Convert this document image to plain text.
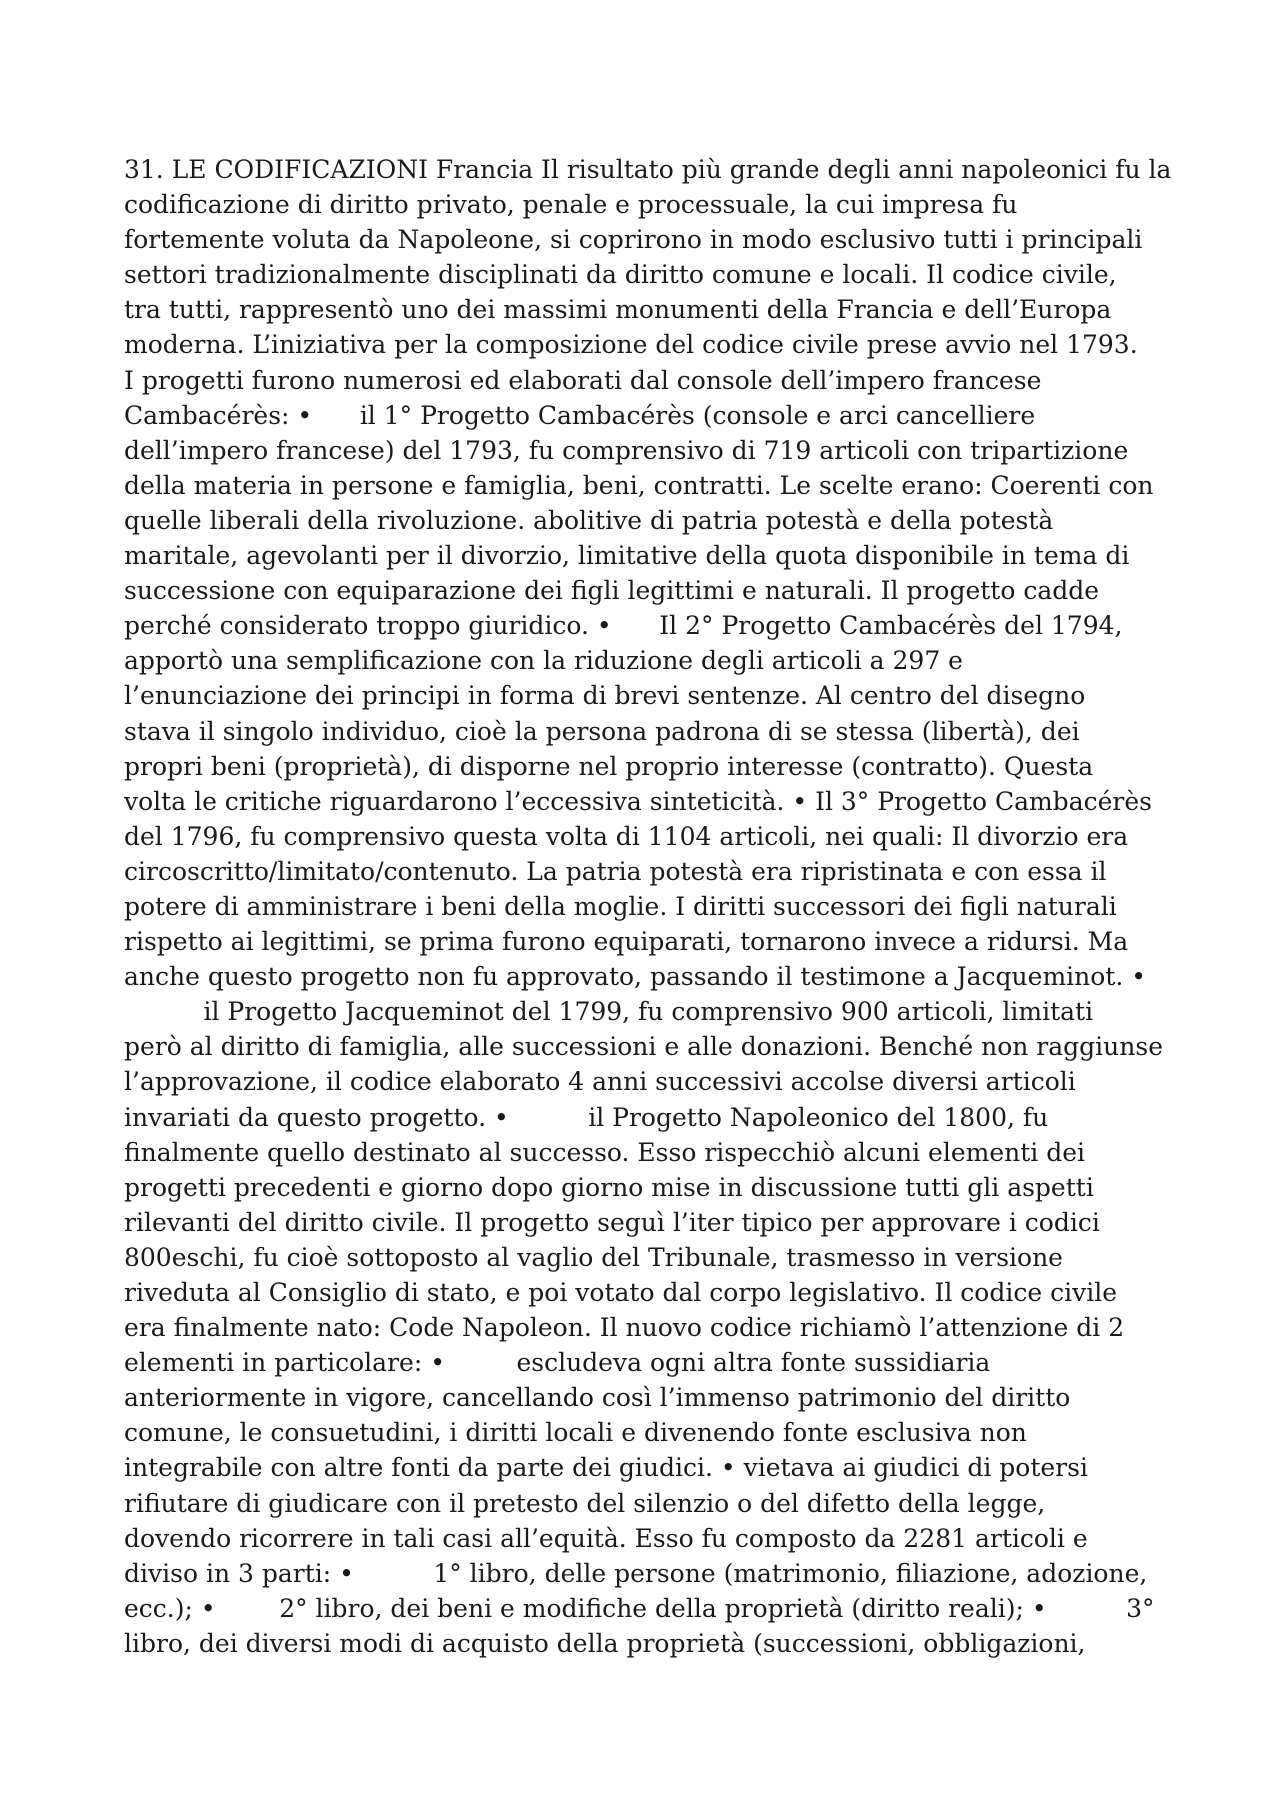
31. LE CODIFICAZIONI Francia Il risultato più grande degli anni napoleonici fu la
codificazione di diritto privato, penale e processuale, la cui impresa fu
fortemente voluta da Napoleone, si coprirono in modo esclusivo tutti i principali
settori tradizionalmente disciplinati da diritto comune e locali. Il codice civile,
tra tutti, rappresentò uno dei massimi monumenti della Francia e dell’Europa
moderna. L’iniziativa per la composizione del codice civile prese avvio nel 1793.
I progetti furono numerosi ed elaborati dal console dell’impero francese
Cambacérès: •      il 1° Progetto Cambacérès (console e arci cancelliere
dell’impero francese) del 1793, fu comprensivo di 719 articoli con tripartizione
della materia in persone e famiglia, beni, contratti. Le scelte erano: Coerenti con
quelle liberali della rivoluzione. abolitive di patria potestà e della potestà
maritale, agevolanti per il divorzio, limitative della quota disponibile in tema di
successione con equiparazione dei figli legittimi e naturali. Il progetto cadde
perché considerato troppo giuridico. •      Il 2° Progetto Cambacérès del 1794,
apportò una semplificazione con la riduzione degli articoli a 297 e
l’enunciazione dei principi in forma di brevi sentenze. Al centro del disegno
stava il singolo individuo, cioè la persona padrona di se stessa (libertà), dei
propri beni (proprietà), di disporne nel proprio interesse (contratto). Questa
volta le critiche riguardarono l’eccessiva sinteticità. • Il 3° Progetto Cambacérès
del 1796, fu comprensivo questa volta di 1104 articoli, nei quali: Il divorzio era
circoscritto/limitato/contenuto. La patria potestà era ripristinata e con essa il
potere di amministrare i beni della moglie. I diritti successori dei figli naturali
rispetto ai legittimi, se prima furono equiparati, tornarono invece a ridursi. Ma
anche questo progetto non fu approvato, passando il testimone a Jacqueminot. •
il Progetto Jacqueminot del 1799, fu comprensivo 900 articoli, limitati
però al diritto di famiglia, alle successioni e alle donazioni. Benché non raggiunse
l’approvazione, il codice elaborato 4 anni successivi accolse diversi articoli
invariati da questo progetto. •          il Progetto Napoleonico del 1800, fu
finalmente quello destinato al successo. Esso rispecchiò alcuni elementi dei
progetti precedenti e giorno dopo giorno mise in discussione tutti gli aspetti
rilevanti del diritto civile. Il progetto seguì l’iter tipico per approvare i codici
800eschi, fu cioè sottoposto al vaglio del Tribunale, trasmesso in versione
riveduta al Consiglio di stato, e poi votato dal corpo legislativo. Il codice civile
era finalmente nato: Code Napoleon. Il nuovo codice richiamò l’attenzione di 2
elementi in particolare: •         escludeva ogni altra fonte sussidiaria
anteriormente in vigore, cancellando così l’immenso patrimonio del diritto
comune, le consuetudini, i diritti locali e divenendo fonte esclusiva non
integrabile con altre fonti da parte dei giudici. • vietava ai giudici di potersi
rifiutare di giudicare con il pretesto del silenzio o del difetto della legge,
dovendo ricorrere in tali casi all’equità. Esso fu composto da 2281 articoli e
diviso in 3 parti: •          1° libro, delle persone (matrimonio, filiazione, adozione,
ecc.); •        2° libro, dei beni e modifiche della proprietà (diritto reali); •          3°
libro, dei diversi modi di acquisto della proprietà (successioni, obbligazioni,
